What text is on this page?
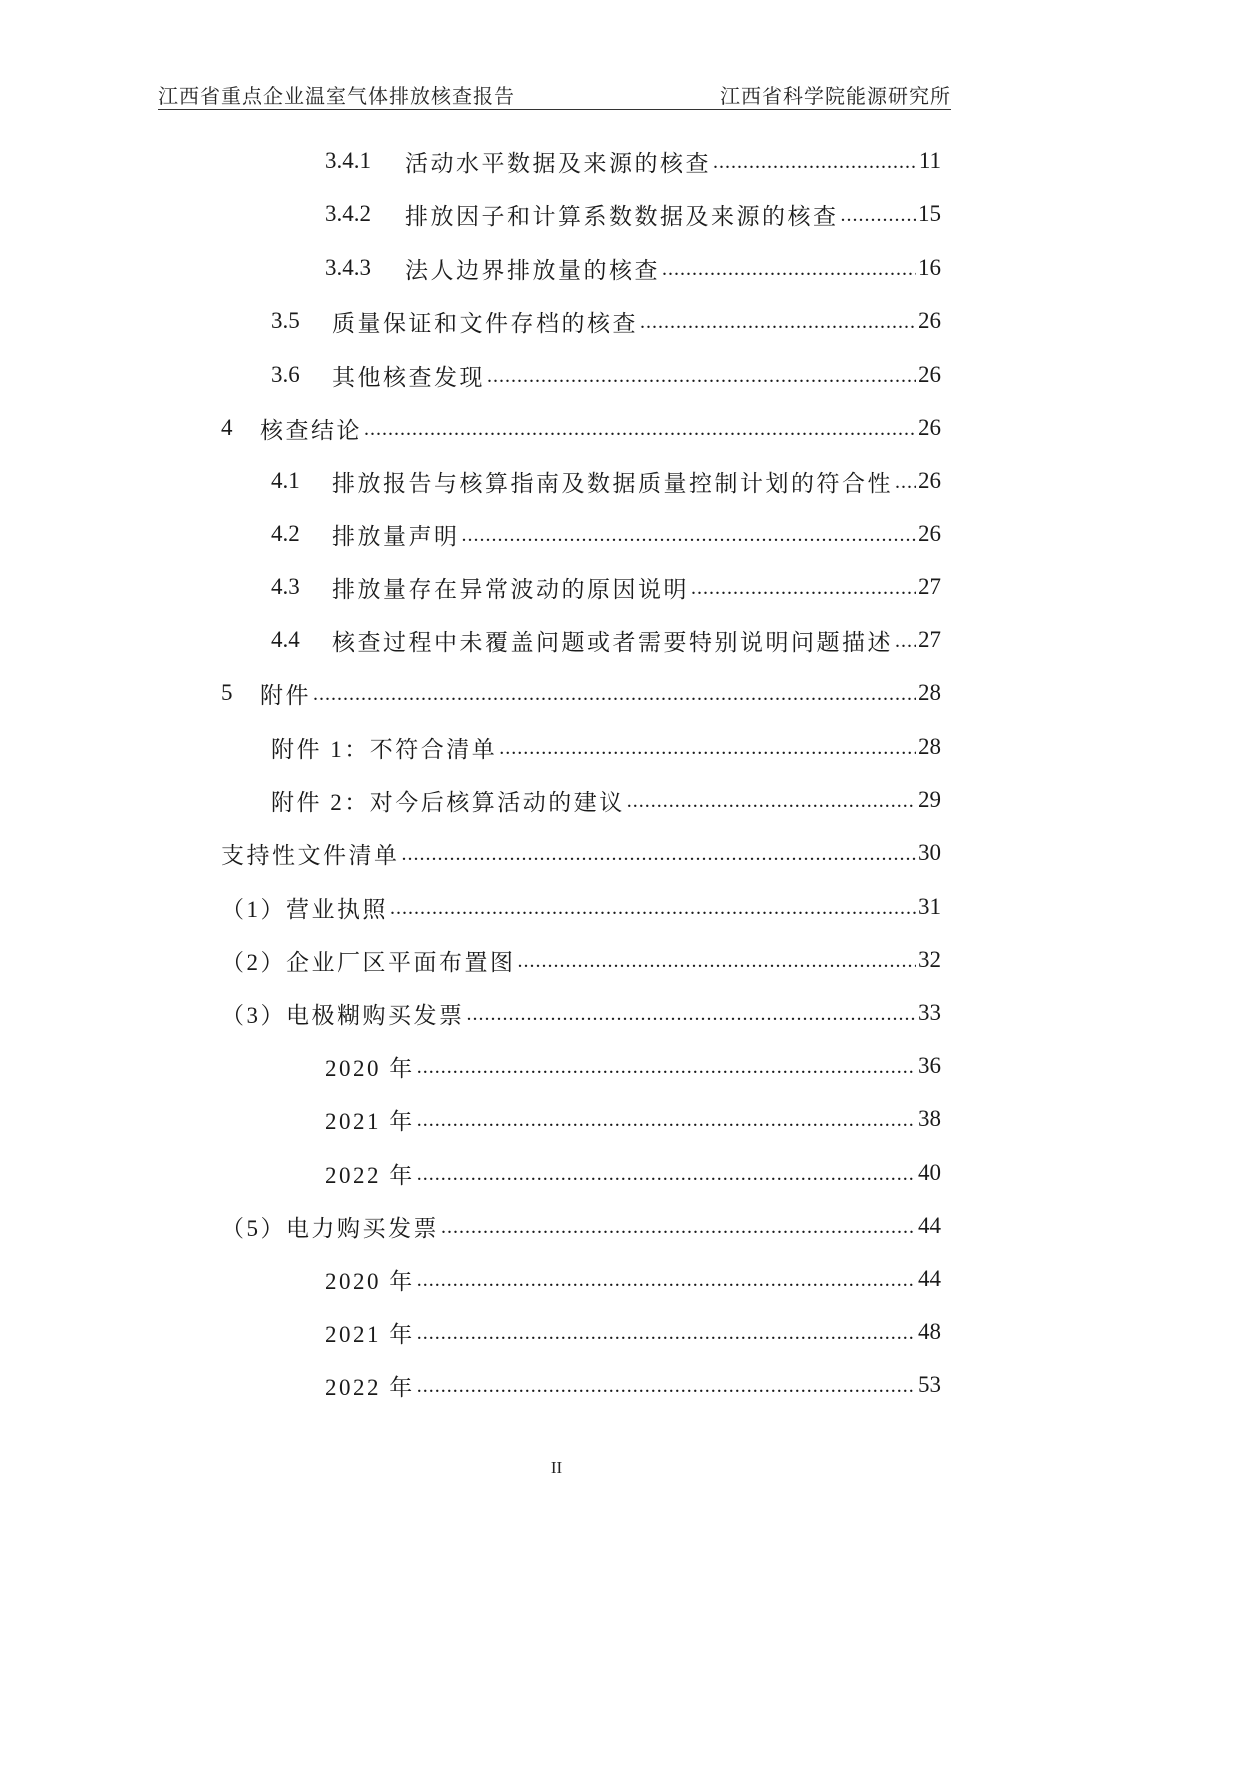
江西省重点企业温室气体排放核查报告	江西省科学院能源研究所
3.4.1	活动水平数据及来源的核查 .....	11
3.4.2	排放因子和计算系数数据及来源的核查 .....	15
3.4.3	法人边界排放量的核查 .....	16
3.5	质量保证和文件存档的核查 .....	26
3.6	其他核查发现 .....	26
4	核查结论 .....	26
4.1	排放报告与核算指南及数据质量控制计划的符合性 ..... 26
4.2	排放量声明 .....	26
4.3	排放量存在异常波动的原因说明 .....	27
4.4	核查过程中未覆盖问题或者需要特别说明问题描述 ..... 27
5	附件 .....	28
附件 1：不符合清单 .....	28
附件 2：对今后核算活动的建议 .....	29
支持性文件清单 .....	30
（1）营业执照 .....	31
（2）企业厂区平面布置图 .....	32
（3）电极糊购买发票 .....	33
2020 年 .....	36
2021 年 .....	38
2022 年 .....	40
（5）电力购买发票 .....	44
2020 年 .....	44
2021 年 .....	48
2022 年 .....	53
II
